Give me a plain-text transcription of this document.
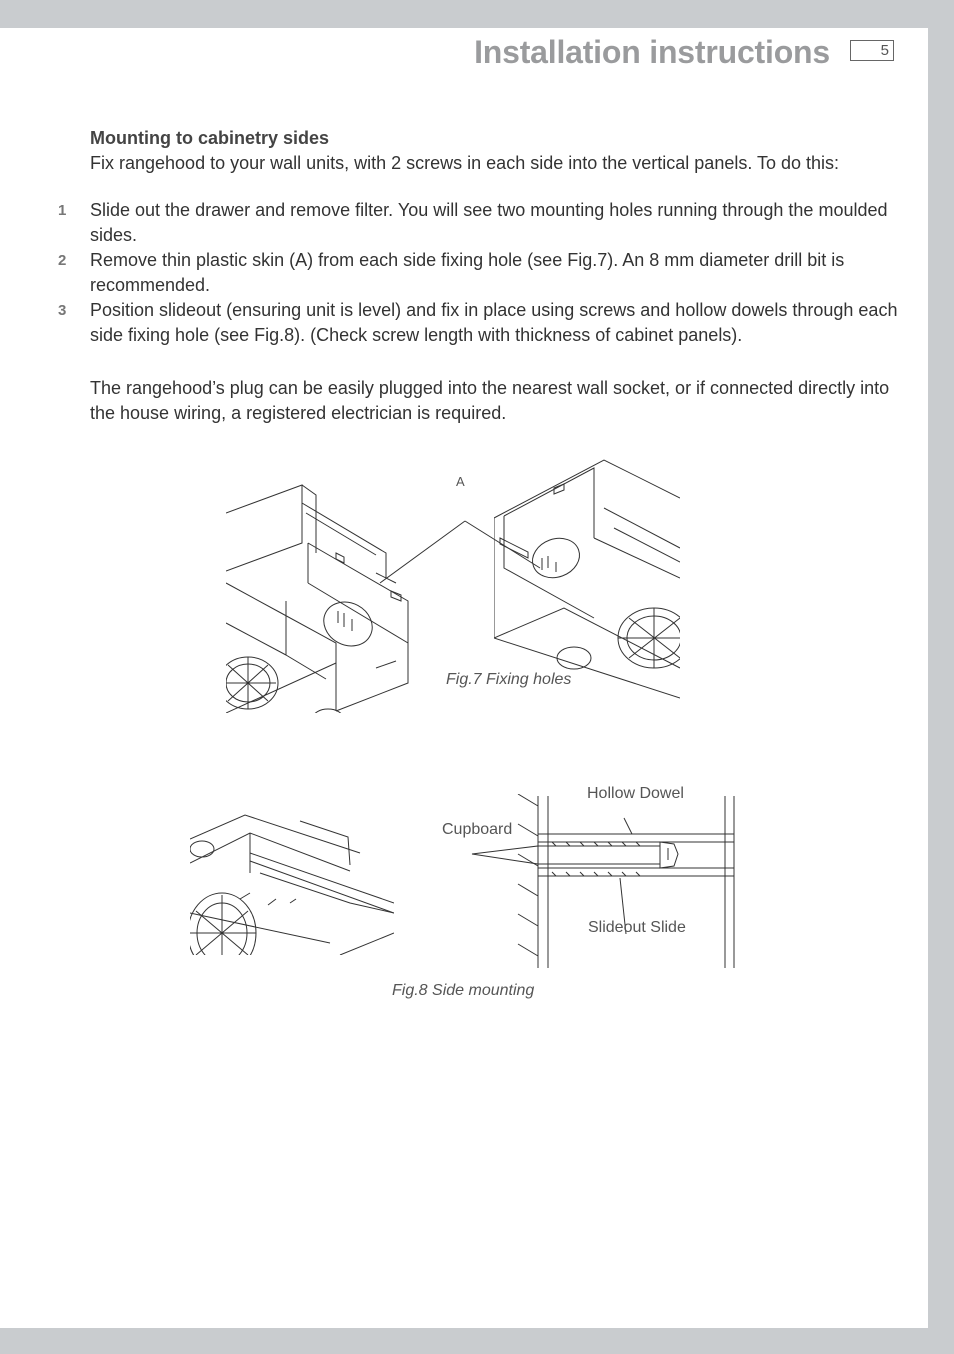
Installation instructions	5
Mounting to cabinetry sides
Fix rangehood to your wall units, with 2 screws in each side into the vertical panels. To do this:
1 Slide out the drawer and remove filter. You will see two mounting holes running through the moulded sides.
2 Remove thin plastic skin (A) from each side fixing hole (see Fig.7). An 8 mm diameter drill bit is recommended.
3 Position slideout (ensuring unit is level) and fix in place using screws and hollow dowels through each side fixing hole (see Fig.8). (Check screw length with thickness of cabinet panels).
The rangehood’s plug can be easily plugged into the nearest wall socket, or if connected directly into the house wiring, a registered electrician is required.
A
Fig.7 Fixing holes
Hollow Dowel
Cupboard
Slideout Slide
Fig.8 Side mounting
